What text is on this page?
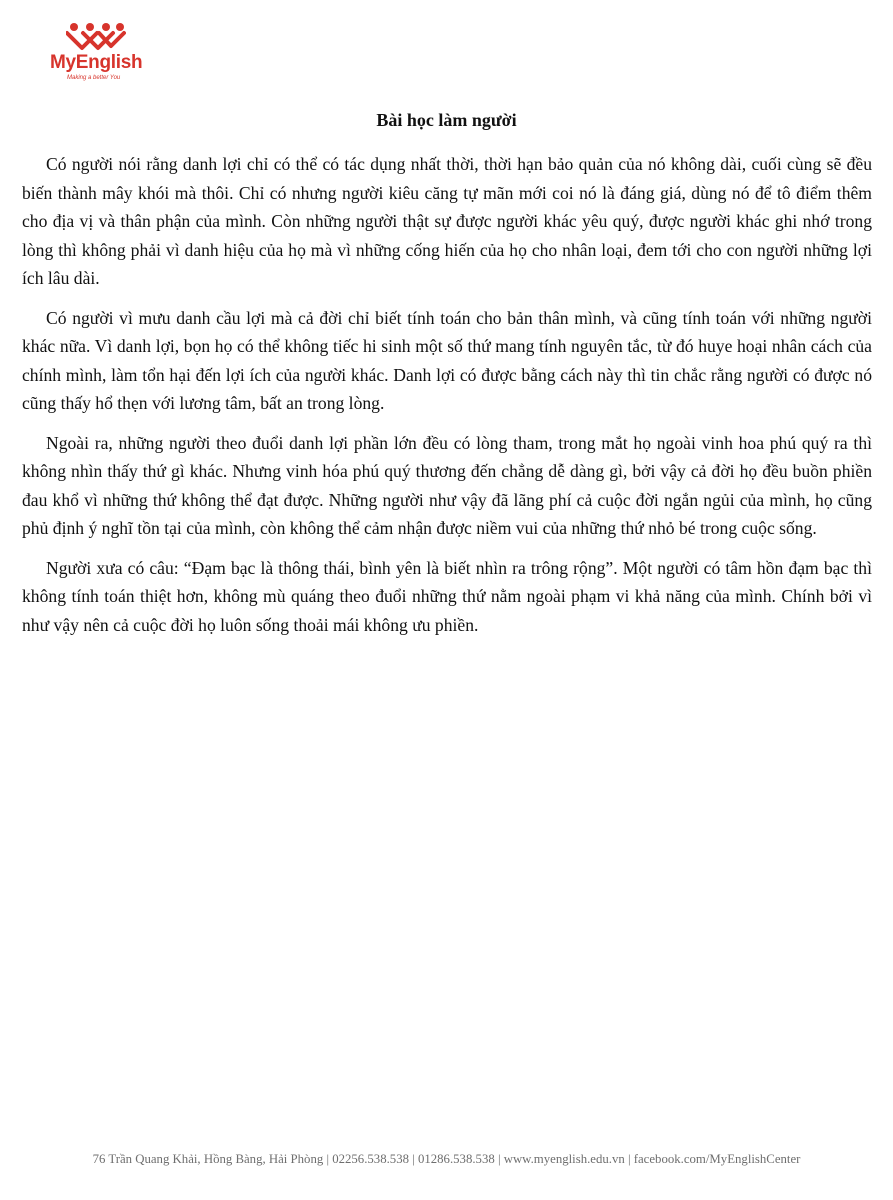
MyEnglish
Making a better You
Bài học làm người

Có người nói rằng danh lợi chỉ có thể có tác dụng nhất thời, thời hạn bảo quản của nó không dài, cuối cùng sẽ đều biến thành mây khói mà thôi. Chỉ có nhưng người kiêu căng tự mãn mới coi nó là đáng giá, dùng nó để tô điểm thêm cho địa vị và thân phận của mình. Còn những người thật sự được người khác yêu quý, được người khác ghi nhớ trong lòng thì không phải vì danh hiệu của họ mà vì những cống hiến của họ cho nhân loại, đem tới cho con người những lợi ích lâu dài.

Có người vì mưu danh cầu lợi mà cả đời chỉ biết tính toán cho bản thân mình, và cũng tính toán với những người khác nữa. Vì danh lợi, bọn họ có thể không tiếc hi sinh một số thứ mang tính nguyên tắc, từ đó huye hoại nhân cách của chính mình, làm tổn hại đến lợi ích của người khác. Danh lợi có được bằng cách này thì tin chắc rằng người có được nó cũng thấy hổ thẹn với lương tâm, bất an trong lòng.

Ngoài ra, những người theo đuổi danh lợi phần lớn đều có lòng tham, trong mắt họ ngoài vinh hoa phú quý ra thì không nhìn thấy thứ gì khác. Nhưng vinh hóa phú quý thương đến chẳng dễ dàng gì, bởi vậy cả đời họ đều buồn phiền đau khổ vì những thứ không thể đạt được. Những người như vậy đã lãng phí cả cuộc đời ngắn ngủi của mình, họ cũng phủ định ý nghĩ tồn tại của mình, còn không thể cảm nhận được niềm vui của những thứ nhỏ bé trong cuộc sống.

Người xưa có câu: “Đạm bạc là thông thái, bình yên là biết nhìn ra trông rộng”. Một người có tâm hồn đạm bạc thì không tính toán thiệt hơn, không mù quáng theo đuổi những thứ nằm ngoài phạm vi khả năng của mình. Chính bởi vì như vậy nên cả cuộc đời họ luôn sống thoải mái không ưu phiền.

76 Trần Quang Khải, Hồng Bàng, Hải Phòng | 02256.538.538 | 01286.538.538 | www.myenglish.edu.vn | facebook.com/MyEnglishCenter
